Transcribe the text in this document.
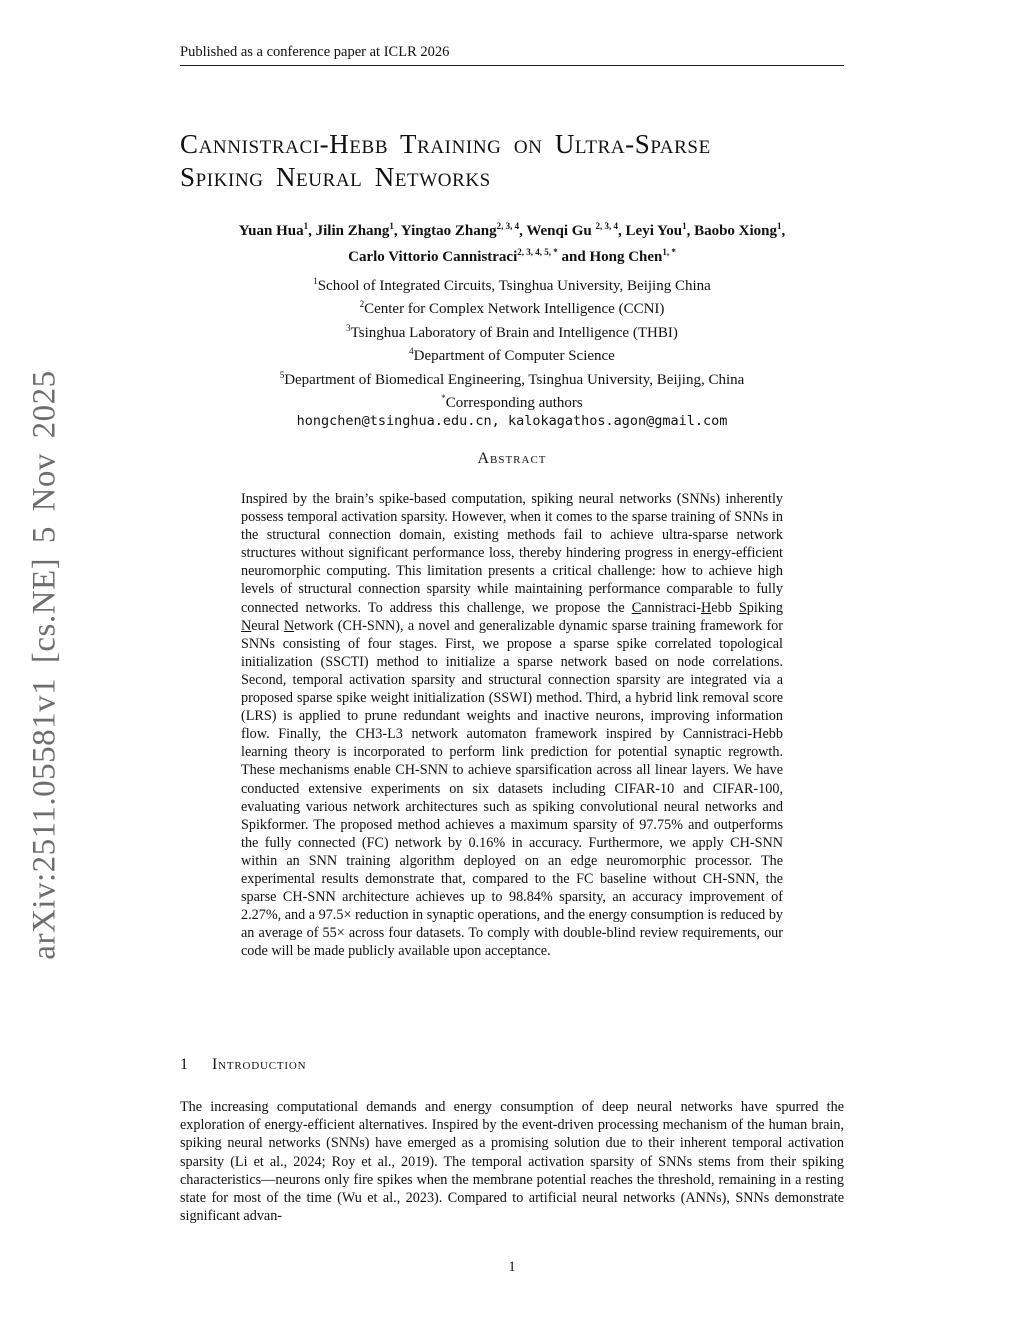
Published as a conference paper at ICLR 2026
arXiv:2511.05581v1 [cs.NE] 5 Nov 2025
Cannistraci-Hebb Training on Ultra-Sparse
Spiking Neural Networks
Yuan Hua$^1$, Jilin Zhang$^1$, Yingtao Zhang$^{2, 3, 4}$, Wenqi Gu $^{2, 3, 4}$, Leyi You$^1$, Baobo Xiong$^1$,
Carlo Vittorio Cannistraci$^{2, 3, 4, 5, *}$ and Hong Chen$^{1, *}$
$^1$School of Integrated Circuits, Tsinghua University, Beijing China
$^2$Center for Complex Network Intelligence (CCNI)
$^3$Tsinghua Laboratory of Brain and Intelligence (THBI)
$^4$Department of Computer Science
$^5$Department of Biomedical Engineering, Tsinghua University, Beijing, China
*Corresponding authors
hongchen@tsinghua.edu.cn, kalokagathos.agon@gmail.com
Abstract
Inspired by the brain’s spike-based computation, spiking neural networks (SNNs) inherently possess temporal activation sparsity. However, when it comes to the sparse training of SNNs in the structural connection domain, existing methods fail to achieve ultra-sparse network structures without significant performance loss, thereby hindering progress in energy-efficient neuromorphic computing. This limitation presents a critical challenge: how to achieve high levels of structural connection sparsity while maintaining performance comparable to fully connected networks. To address this challenge, we propose the Cannistraci-Hebb Spiking Neural Network (CH-SNN), a novel and generalizable dynamic sparse training framework for SNNs consisting of four stages. First, we propose a sparse spike correlated topological initialization (SSCTI) method to initialize a sparse network based on node correlations. Second, temporal activation sparsity and structural connection sparsity are integrated via a proposed sparse spike weight initialization (SSWI) method. Third, a hybrid link removal score (LRS) is applied to prune redundant weights and inactive neurons, improving information flow. Finally, the CH3-L3 network automaton framework inspired by Cannistraci-Hebb learning theory is incorporated to perform link prediction for potential synaptic regrowth. These mechanisms enable CH-SNN to achieve sparsification across all linear layers. We have conducted extensive experiments on six datasets including CIFAR-10 and CIFAR-100, evaluating various network architectures such as spiking convolutional neural networks and Spikformer. The proposed method achieves a maximum sparsity of 97.75% and outperforms the fully connected (FC) network by 0.16% in accuracy. Furthermore, we apply CH-SNN within an SNN training algorithm deployed on an edge neuromorphic processor. The experimental results demonstrate that, compared to the FC baseline without CH-SNN, the sparse CH-SNN architecture achieves up to 98.84% sparsity, an accuracy improvement of 2.27%, and a 97.5× reduction in synaptic operations, and the energy consumption is reduced by an average of 55× across four datasets. To comply with double-blind review requirements, our code will be made publicly available upon acceptance.
1 Introduction
The increasing computational demands and energy consumption of deep neural networks have spurred the exploration of energy-efficient alternatives. Inspired by the event-driven processing mechanism of the human brain, spiking neural networks (SNNs) have emerged as a promising solution due to their inherent temporal activation sparsity (Li et al., 2024; Roy et al., 2019). The temporal activation sparsity of SNNs stems from their spiking characteristics—neurons only fire spikes when the membrane potential reaches the threshold, remaining in a resting state for most of the time (Wu et al., 2023). Compared to artificial neural networks (ANNs), SNNs demonstrate significant advan-
1
